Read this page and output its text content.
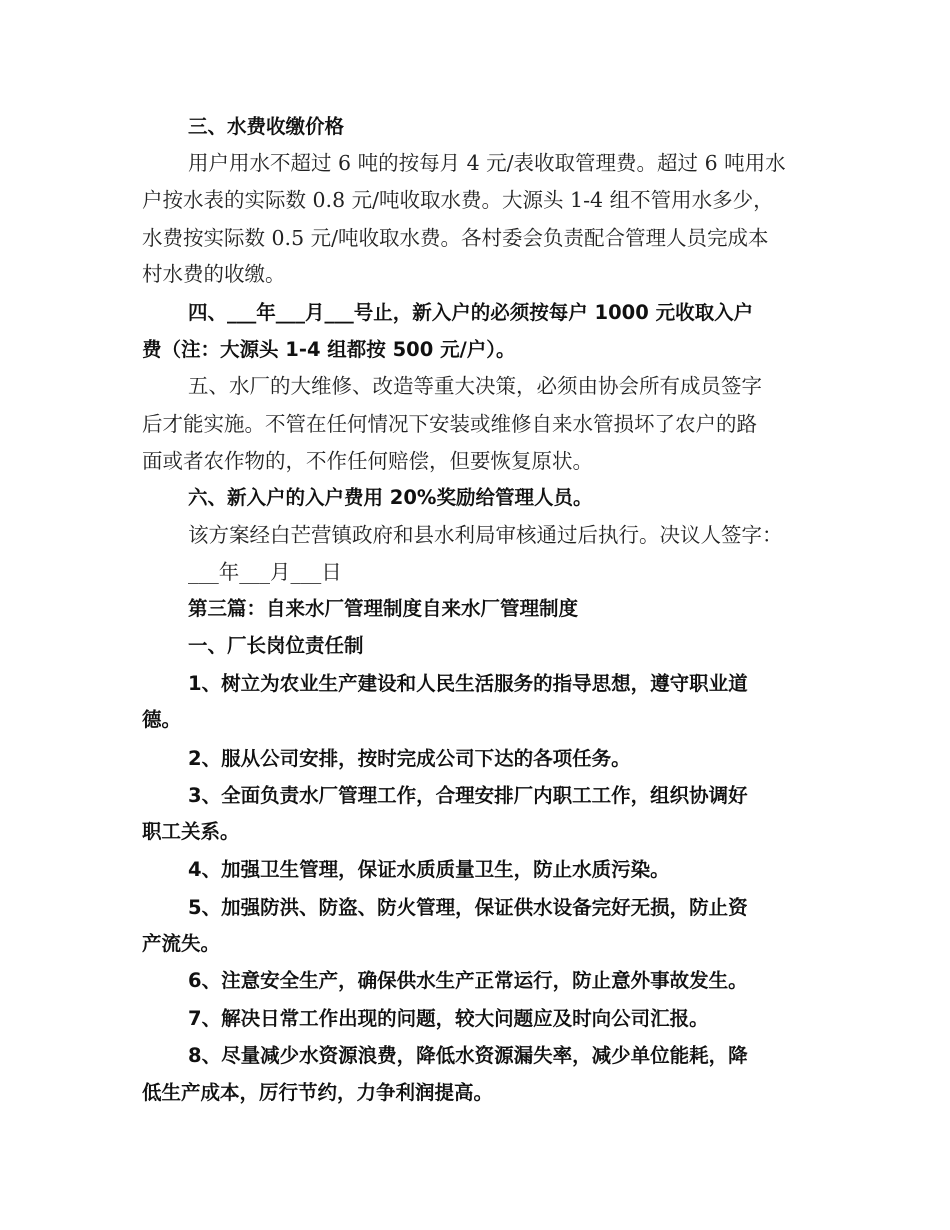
三、水费收缴价格
用户用水不超过 6 吨的按每月 4 元/表收取管理费。超过 6 吨用水
户按水表的实际数 0.8 元/吨收取水费。大源头 1-4 组不管用水多少，
水费按实际数 0.5 元/吨收取水费。各村委会负责配合管理人员完成本
村水费的收缴。
四、___年___月___号止，新入户的必须按每户 1000 元收取入户
费（注：大源头 1-4 组都按 500 元/户）。
五、水厂的大维修、改造等重大决策，必须由协会所有成员签字
后才能实施。不管在任何情况下安装或维修自来水管损坏了农户的路
面或者农作物的，不作任何赔偿，但要恢复原状。
六、新入户的入户费用 20%奖励给管理人员。
该方案经白芒营镇政府和县水利局审核通过后执行。决议人签字：
___年___月___日
第三篇：自来水厂管理制度自来水厂管理制度
一、厂长岗位责任制
1、树立为农业生产建设和人民生活服务的指导思想，遵守职业道
德。
2、服从公司安排，按时完成公司下达的各项任务。
3、全面负责水厂管理工作，合理安排厂内职工工作，组织协调好
职工关系。
4、加强卫生管理，保证水质质量卫生，防止水质污染。
5、加强防洪、防盗、防火管理，保证供水设备完好无损，防止资
产流失。
6、注意安全生产，确保供水生产正常运行，防止意外事故发生。
7、解决日常工作出现的问题，较大问题应及时向公司汇报。
8、尽量减少水资源浪费，降低水资源漏失率，减少单位能耗，降
低生产成本，厉行节约，力争利润提高。
